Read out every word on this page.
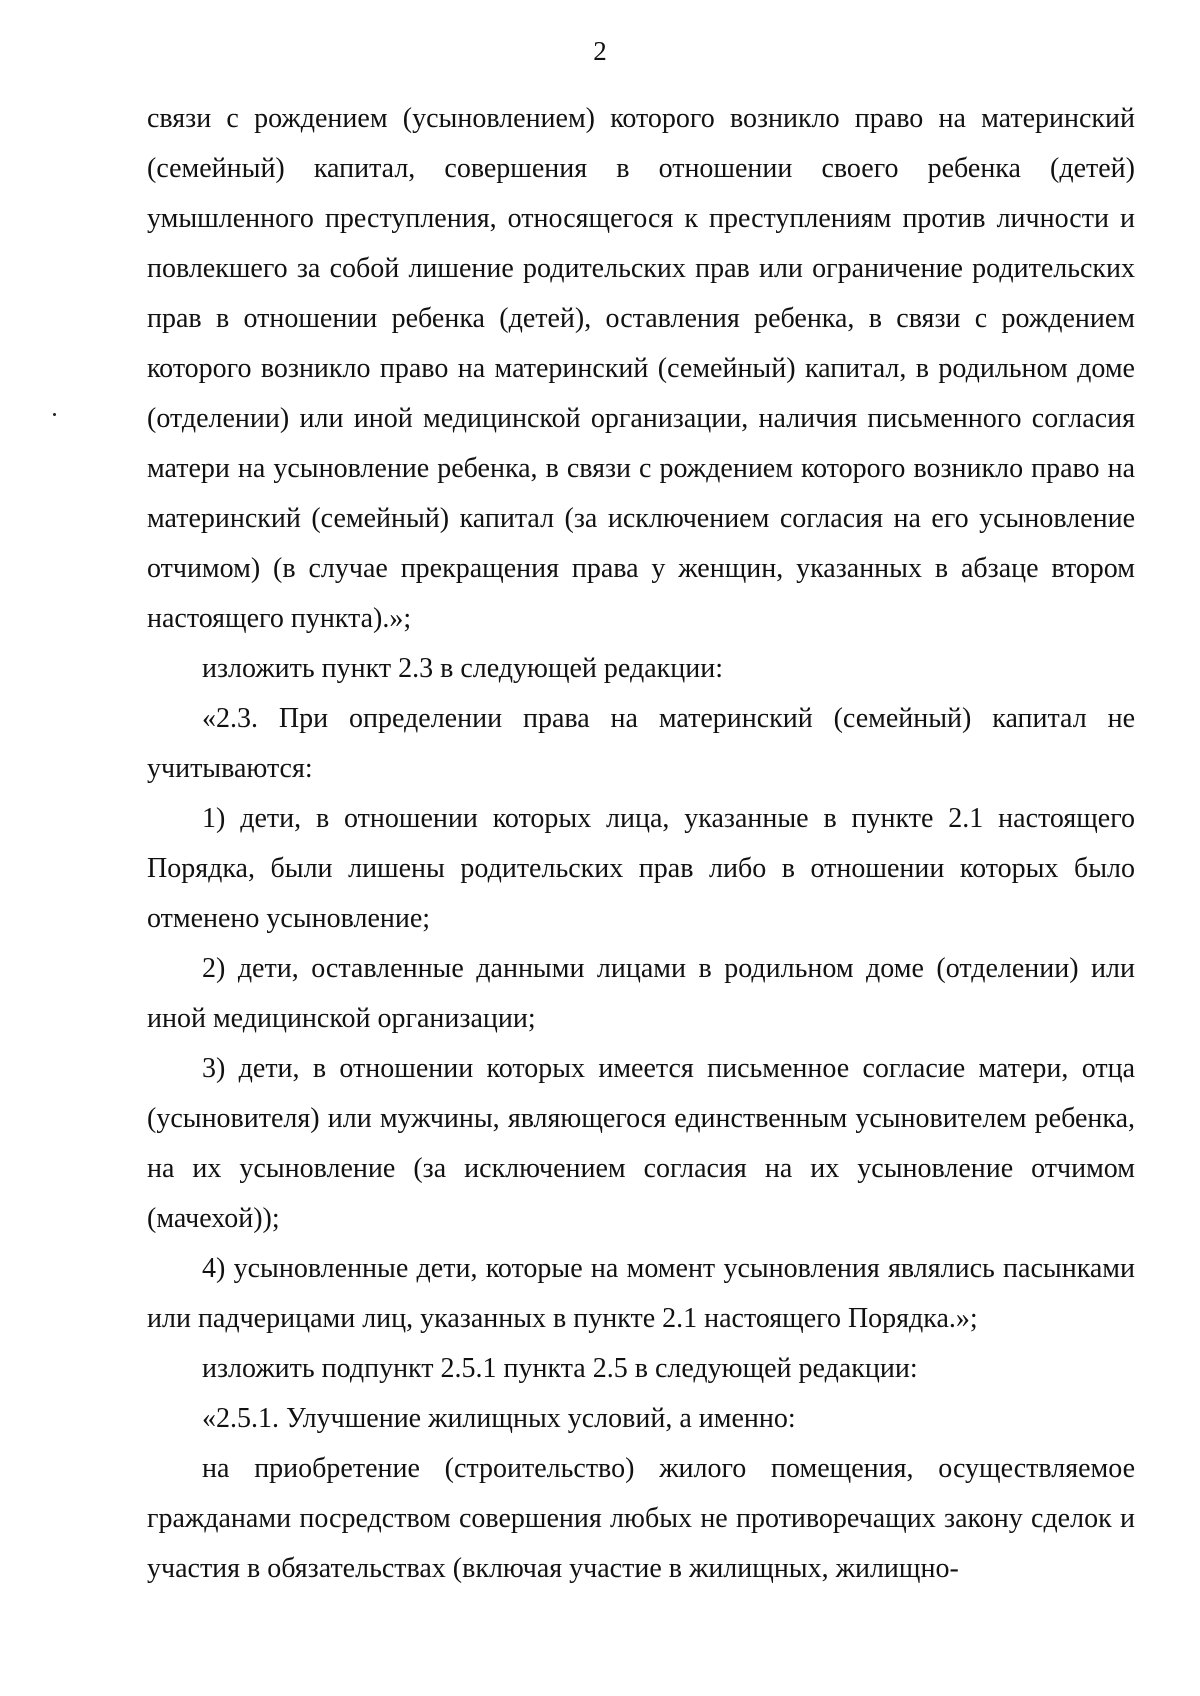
2

связи с рождением (усыновлением) которого возникло право на материнский (семейный) капитал, совершения в отношении своего ребенка (детей) умышленного преступления, относящегося к преступлениям против личности и повлекшего за собой лишение родительских прав или ограничение родительских прав в отношении ребенка (детей), оставления ребенка, в связи с рождением которого возникло право на материнский (семейный) капитал, в родильном доме (отделении) или иной медицинской организации, наличия письменного согласия матери на усыновление ребенка, в связи с рождением которого возникло право на материнский (семейный) капитал (за исключением согласия на его усыновление отчимом) (в случае прекращения права у женщин, указанных в абзаце втором настоящего пункта).»;

изложить пункт 2.3 в следующей редакции:

«2.3. При определении права на материнский (семейный) капитал не учитываются:

1) дети, в отношении которых лица, указанные в пункте 2.1 настоящего Порядка, были лишены родительских прав либо в отношении которых было отменено усыновление;

2) дети, оставленные данными лицами в родильном доме (отделении) или иной медицинской организации;

3) дети, в отношении которых имеется письменное согласие матери, отца (усыновителя) или мужчины, являющегося единственным усыновителем ребенка, на их усыновление (за исключением согласия на их усыновление отчимом (мачехой));

4) усыновленные дети, которые на момент усыновления являлись пасынками или падчерицами лиц, указанных в пункте 2.1 настоящего Порядка.»;

изложить подпункт 2.5.1 пункта 2.5 в следующей редакции:

«2.5.1. Улучшение жилищных условий, а именно:

на приобретение (строительство) жилого помещения, осуществляемое гражданами посредством совершения любых не противоречащих закону сделок и участия в обязательствах (включая участие в жилищных, жилищно-
